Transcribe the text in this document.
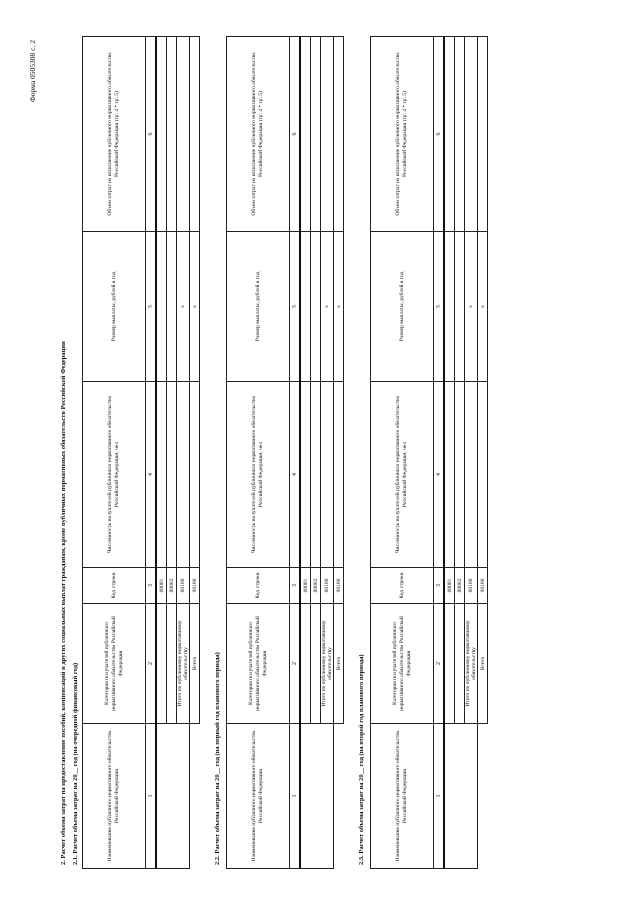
Форма 0505308 с. 2
2. Расчет объема затрат на предоставление пособий, компенсаций и других социальных выплат гражданам, кроме публичных нормативных обязательств Российской Федерации 2.1. Расчет объема затрат на 20__ год (на очередной финансовый год)	Наименование публичного нормативного обязательства Российской Федерации	Категория получателей публичного нормативного обязательства Российской Федерации	Код строки	Численность получателей публичного нормативного обязательства Российской Федерации, чел	Размер выплаты, рублей в год	Объем затрат на исполнение публичного нормативного обязательства Российской Федерации (гр. 4 * гр. 5)
1	2	3	4	5	6
		00001			
		00002			
	Итого по публичному нормативному обязательству	00100		x	
	Всего	90100		x	
2.2. Расчет объема затрат на 20__ год (на первый год планового периода)	Наименование публичного нормативного обязательства Российской Федерации	Категория получателей публичного нормативного обязательства Российской Федерации	Код строки	Численность получателей публичного нормативного обязательства Российской Федерации, чел	Размер выплаты, рублей в год	Объем затрат на исполнение публичного нормативного обязательства Российской Федерации (гр. 4 * гр. 5)
1	2	3	4	5	6
		00001			
		00002			
	Итого по публичному нормативному обязательству	00100		x	
	Всего	90100		x	
2.3. Расчет объема затрат на 20__ год (на второй год планового периода)	Наименование публичного нормативного обязательства Российской Федерации	Категория получателей публичного нормативного обязательства Российской Федерации	Код строки	Численность получателей публичного нормативного обязательства Российской Федерации, чел	Размер выплаты, рублей в год	Объем затрат на исполнение публичного нормативного обязательства Российской Федерации (гр. 4 * гр. 5)
1	2	3	4	5	6
		00001			
		00002			
	Итого по публичному нормативному обязательству	00100		x	
	Всего	90100		x	
